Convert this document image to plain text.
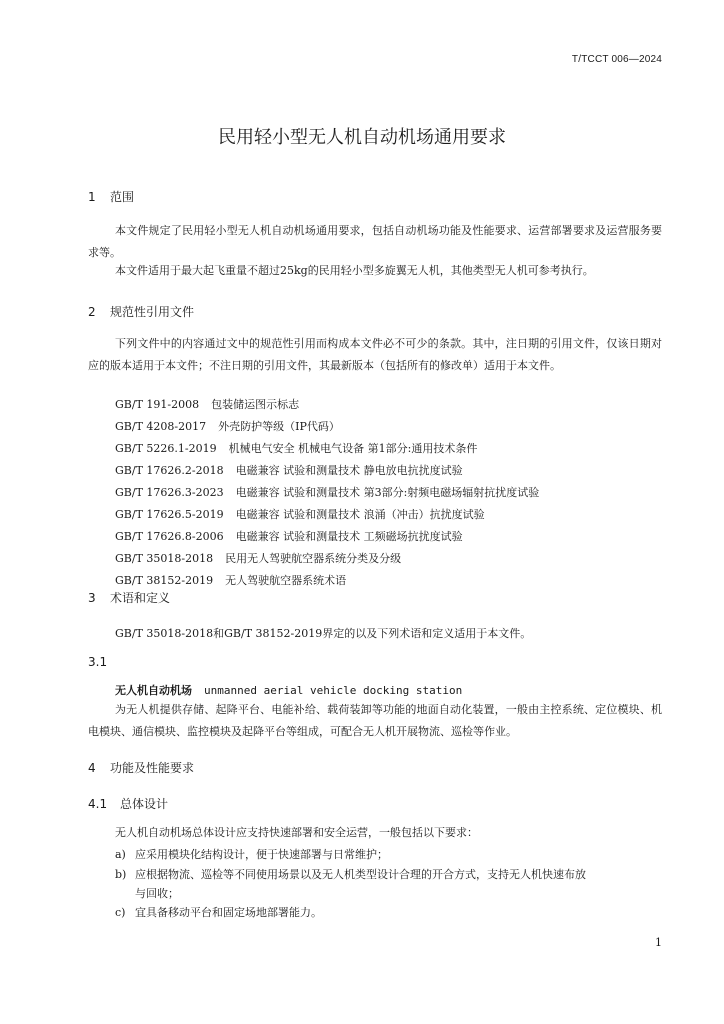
T/TCCT 006—2024
民用轻小型无人机自动机场通用要求
1 范围
本文件规定了民用轻小型无人机自动机场通用要求，包括自动机场功能及性能要求、运营部署要求及运营服务要求等。
本文件适用于最大起飞重量不超过25kg的民用轻小型多旋翼无人机，其他类型无人机可参考执行。
2 规范性引用文件
下列文件中的内容通过文中的规范性引用而构成本文件必不可少的条款。其中，注日期的引用文件，仅该日期对应的版本适用于本文件；不注日期的引用文件，其最新版本（包括所有的修改单）适用于本文件。
GB/T 191-2008 包装储运图示标志
GB/T 4208-2017 外壳防护等级（IP代码）
GB/T 5226.1-2019 机械电气安全 机械电气设备 第1部分:通用技术条件
GB/T 17626.2-2018 电磁兼容 试验和测量技术 静电放电抗扰度试验
GB/T 17626.3-2023 电磁兼容 试验和测量技术 第3部分:射频电磁场辐射抗扰度试验
GB/T 17626.5-2019 电磁兼容 试验和测量技术 浪涌（冲击）抗扰度试验
GB/T 17626.8-2006 电磁兼容 试验和测量技术 工频磁场抗扰度试验
GB/T 35018-2018 民用无人驾驶航空器系统分类及分级
GB/T 38152-2019 无人驾驶航空器系统术语
3 术语和定义
GB/T 35018-2018和GB/T 38152-2019界定的以及下列术语和定义适用于本文件。
3.1
无人机自动机场 unmanned aerial vehicle docking station
为无人机提供存储、起降平台、电能补给、载荷装卸等功能的地面自动化装置，一般由主控系统、定位模块、机电模块、通信模块、监控模块及起降平台等组成，可配合无人机开展物流、巡检等作业。
4 功能及性能要求
4.1 总体设计
无人机自动机场总体设计应支持快速部署和安全运营，一般包括以下要求：
a) 应采用模块化结构设计，便于快速部署与日常维护；
b) 应根据物流、巡检等不同使用场景以及无人机类型设计合理的开合方式，支持无人机快速布放
与回收；
c) 宜具备移动平台和固定场地部署能力。
1
